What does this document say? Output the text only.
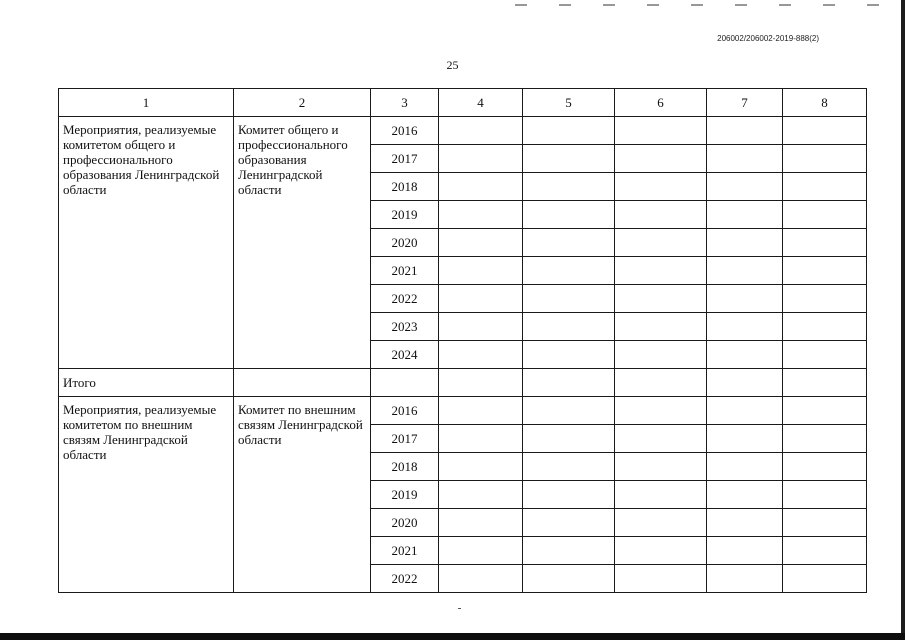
206002/206002-2019-888(2)
25
1	2	3	4	5	6	7	8
Мероприятия, реализуемые комитетом общего и профессионального образования Ленинградской области	Комитет общего и профессионального образования Ленинградской области	2016					
		2017					
		2018					
		2019					
		2020					
		2021					
		2022					
		2023					
		2024					
Итого							
Мероприятия, реализуемые комитетом по внешним связям Ленинградской области	Комитет по внешним связям Ленинградской области	2016					
		2017					
		2018					
		2019					
		2020					
		2021					
		2022					
